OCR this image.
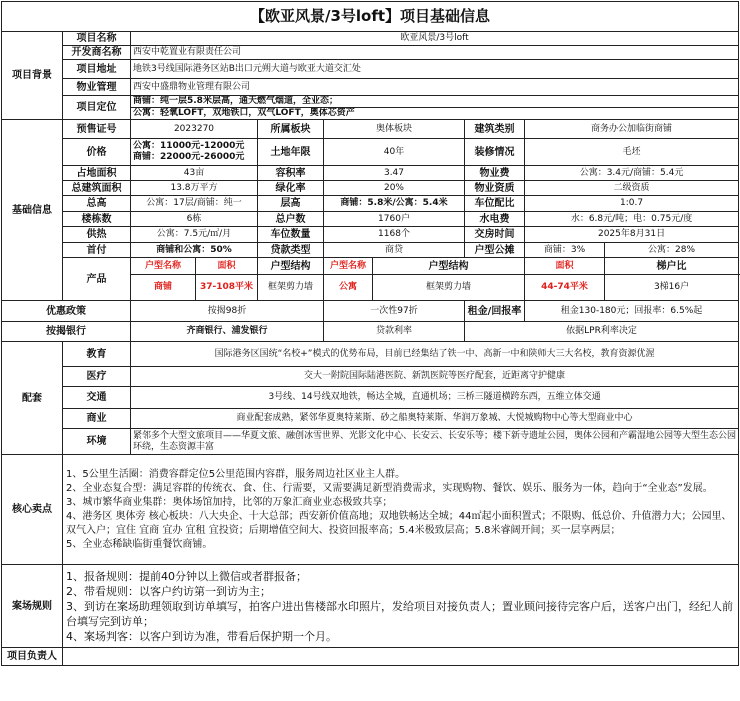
【欧亚风景/3号loft】项目基础信息									
项目背景	项目名称	欧亚风景/3号loft							
	开发商名称	西安中乾置业有限责任公司							
	项目地址	地铁3号线国际港务区站B出口元朔大道与欧亚大道交汇处							
	物业管理	西安中盛鼎物业管理有限公司							
	项目定位	商铺：纯一层5.8米层高，通天燃气烟道，全业态；							
		公寓：轻氧LOFT，双地铁口，双气LOFT，奥体芯资产							
基础信息	预售证号	2023270		所属板块	奥体板块		建筑类别	商务办公加临街商铺	
	价格	公寓：11000元-12000元
商铺：22000元-26000元		土地年限	40年		装修情况	毛坯	
	占地面积	43亩		容积率	3.47		物业费	公寓：3.4元/商铺：5.4元	
	总建筑面积	13.8万平方		绿化率	20%		物业资质	二级资质	
	总高	公寓：17层/商铺：纯一		层高	商铺：5.8米/公寓：5.4米		车位配比	1:0.7	
	楼栋数	6栋		总户数	1760户		水电费	水：6.8元/吨；电：0.75元/度	
	供热	公寓：7.5元/㎡/月		车位数量	1168个		交房时间	2025年8月31日	
	首付	商铺和公寓：50%		贷款类型	商贷		户型公摊	商铺：3%	公寓：28%
	产品	户型名称	面积	户型结构	户型名称	户型结构		面积	梯户比
		商铺	37-108平米	框架剪力墙	公寓	框架剪力墙		44-74平米	3梯16户
优惠政策		按揭98折			一次性97折		租金/回报率	租金130-180元；回报率：6.5%起	
按揭银行		齐商银行、浦发银行			贷款利率		依据LPR利率决定		
配套	教育	国际港务区国统“名校+”模式的优势布局，目前已经集结了铁一中、高新一中和陕师大三大名校，教育资源优渥							
	医疗	交大一附院国际陆港医院、新凯医院等医疗配套，近距离守护健康							
	交通	3号线、14号线双地铁，畅达全城，直通机场；三桥三隧道横跨东西，五维立体交通							
	商业	商业配套成熟，紧邻华夏奥特莱斯、砂之船奥特莱斯、华润万象城、大悦城购物中心等大型商业中心							
	环境	紧邻多个大型文旅项目——华夏文旅、融创冰雪世界、光影文化中心、长安云、长安乐等；楼下新寺遗址公园，奥体公园和产霸湿地公园等大型生态公园环绕，生态资源丰富							
核心卖点	1、5公里生活圈：消费容群定位5公里范围内容群，服务周边社区业主人群。
2、全业态复合型：满足容群的传统衣、食、住、行需要，又需要满足新型消费需求，实现购物、餐饮、娱乐、服务为一体，趋向于“全业态”发展。
3、城市繁华商业集群：奥体场馆加持，比邻的万象汇商业业态极致共享；
4、港务区 奥体旁 核心板块：八大央企、十大总部；西安新价值高地；双地铁畅达全城；44㎡起小面积置式；不限购、低总价、升值潜力大；公园里、双气入户；宜住 宜商 宜办 宜租 宜投资；后期增值空间大、投资回报率高；5.4米极致层高；5.8米睿阔开间；买一层享两层；
5、全业态稀缺临街重餐饮商铺。								

案场规则	1、报备规则：提前40分钟以上微信或者群报备；
2、带看规则：以客户约访第一到访为主；
3、到访在案场助理领取到访单填写，拍客户进出售楼部水印照片，发给项目对接负责人；置业顾问接待完客户后，送客户出门，经纪人前台填写完到访单；
4、案场判客：以客户到访为准，带看后保护期一个月。								

项目负责人									
